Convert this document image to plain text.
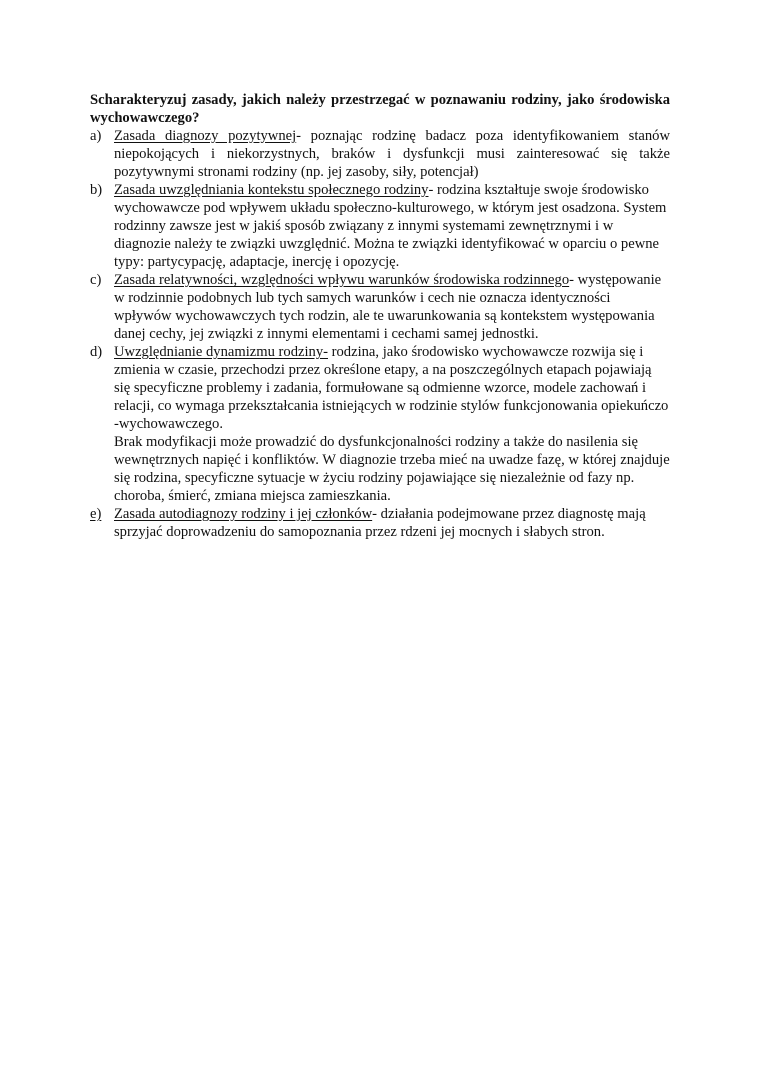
Scharakteryzuj zasady, jakich należy przestrzegać w poznawaniu rodziny, jako środowiska wychowawczego?

a) Zasada diagnozy pozytywnej- poznając rodzinę badacz poza identyfikowaniem stanów niepokojących i niekorzystnych, braków i dysfunkcji musi zainteresować się także pozytywnymi stronami rodziny (np. jej zasoby, siły, potencjał)
b) Zasada uwzględniania kontekstu społecznego rodziny- rodzina kształtuje swoje środowisko wychowawcze pod wpływem układu społeczno-kulturowego, w którym jest osadzona. System rodzinny zawsze jest w jakiś sposób związany z innymi systemami zewnętrznymi i w diagnozie należy te związki uwzględnić. Można te związki identyfikować w oparciu o pewne typy: partycypację, adaptacje, inercję i opozycję.
c) Zasada relatywności, względności wpływu warunków środowiska rodzinnego- występowanie w rodzinnie podobnych lub tych samych warunków i cech nie oznacza identyczności wpływów wychowawczych tych rodzin, ale te uwarunkowania są kontekstem występowania danej cechy, jej związki z innymi elementami i cechami samej jednostki.
d) Uwzględnianie dynamizmu rodziny- rodzina, jako środowisko wychowawcze rozwija się i zmienia w czasie, przechodzi przez określone etapy, a na poszczególnych etapach pojawiają się specyficzne problemy i zadania, formułowane są odmienne wzorce, modele zachowań i relacji, co wymaga przekształcania istniejących w rodzinie stylów funkcjonowania opiekuńczo -wychowawczego.
Brak modyfikacji może prowadzić do dysfunkcjonalności rodziny a także do nasilenia się wewnętrznych napięć i konfliktów. W diagnozie trzeba mieć na uwadze fazę, w której znajduje się rodzina, specyficzne sytuacje w życiu rodziny pojawiające się niezależnie od fazy np. choroba, śmierć, zmiana miejsca zamieszkania.
e) Zasada autodiagnozy rodziny i jej członków- działania podejmowane przez diagnostę mają sprzyjać doprowadzeniu do samopoznania przez rdzeni jej mocnych i słabych stron.
